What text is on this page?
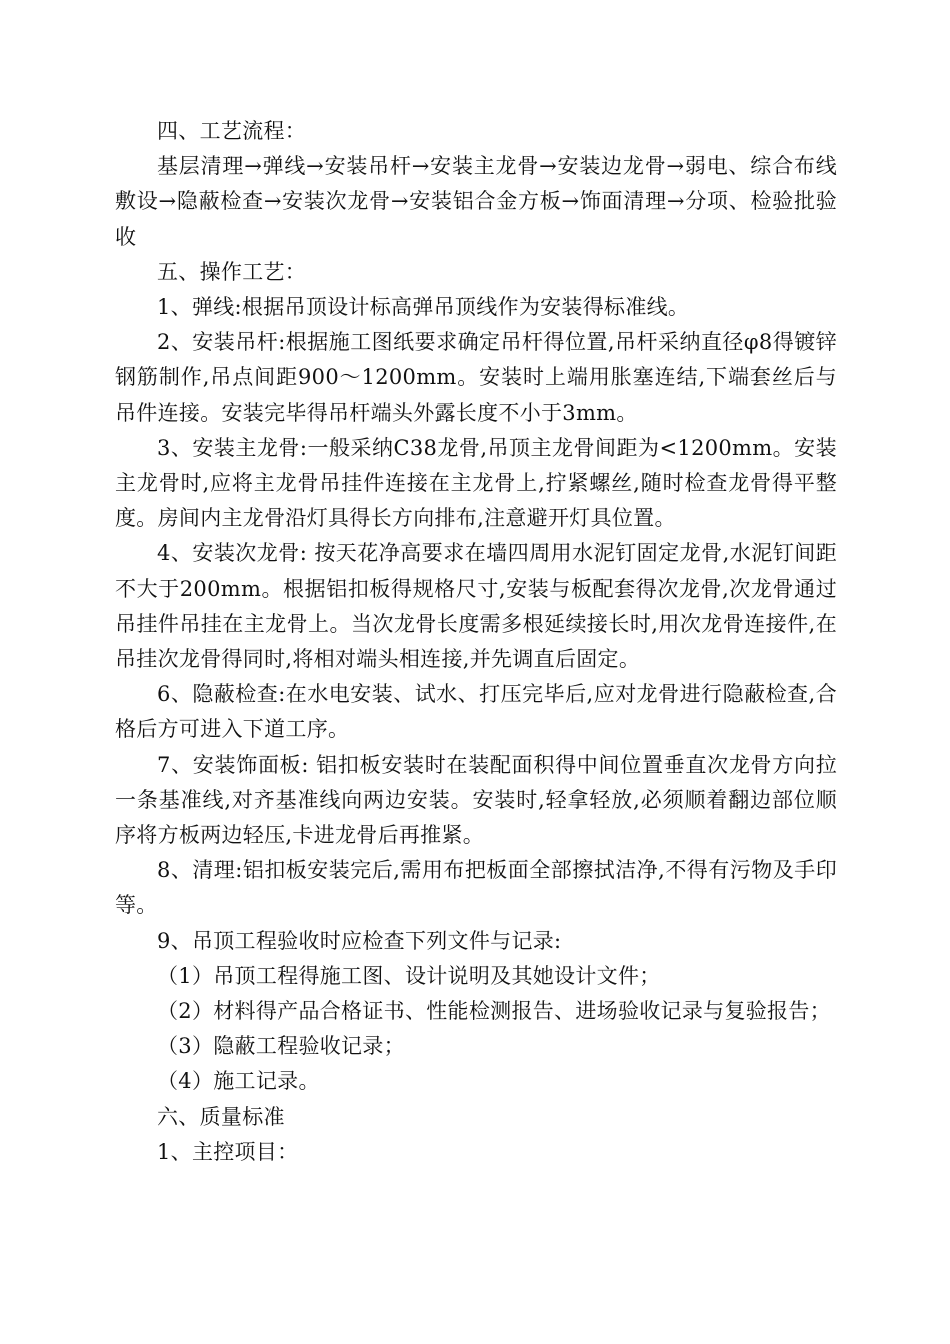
四、工艺流程：

基层清理→弹线→安装吊杆→安装主龙骨→安装边龙骨→弱电、综合布线敷设→隐蔽检查→安装次龙骨→安装铝合金方板→饰面清理→分项、检验批验收

五、操作工艺：

1、弹线:根据吊顶设计标高弹吊顶线作为安装得标准线。

2、安装吊杆:根据施工图纸要求确定吊杆得位置,吊杆采纳直径φ8得镀锌钢筋制作,吊点间距900～1200mm。安装时上端用胀塞连结,下端套丝后与吊件连接。安装完毕得吊杆端头外露长度不小于3mm。

3、安装主龙骨:一般采纳C38龙骨,吊顶主龙骨间距为<1200mm。安装主龙骨时,应将主龙骨吊挂件连接在主龙骨上,拧紧螺丝,随时检查龙骨得平整度。房间内主龙骨沿灯具得长方向排布,注意避开灯具位置。

4、安装次龙骨: 按天花净高要求在墙四周用水泥钉固定龙骨,水泥钉间距不大于200mm。根据铝扣板得规格尺寸,安装与板配套得次龙骨,次龙骨通过吊挂件吊挂在主龙骨上。当次龙骨长度需多根延续接长时,用次龙骨连接件,在吊挂次龙骨得同时,将相对端头相连接,并先调直后固定。

6、隐蔽检查:在水电安装、试水、打压完毕后,应对龙骨进行隐蔽检查,合格后方可进入下道工序。

7、安装饰面板: 铝扣板安装时在装配面积得中间位置垂直次龙骨方向拉一条基准线,对齐基准线向两边安装。安装时,轻拿轻放,必须顺着翻边部位顺序将方板两边轻压,卡进龙骨后再推紧。

8、清理:铝扣板安装完后,需用布把板面全部擦拭洁净,不得有污物及手印等。

9、吊顶工程验收时应检查下列文件与记录:

（1）吊顶工程得施工图、设计说明及其她设计文件；

（2）材料得产品合格证书、性能检测报告、进场验收记录与复验报告；

（3）隐蔽工程验收记录；

（4）施工记录。

六、质量标准

1、主控项目：
